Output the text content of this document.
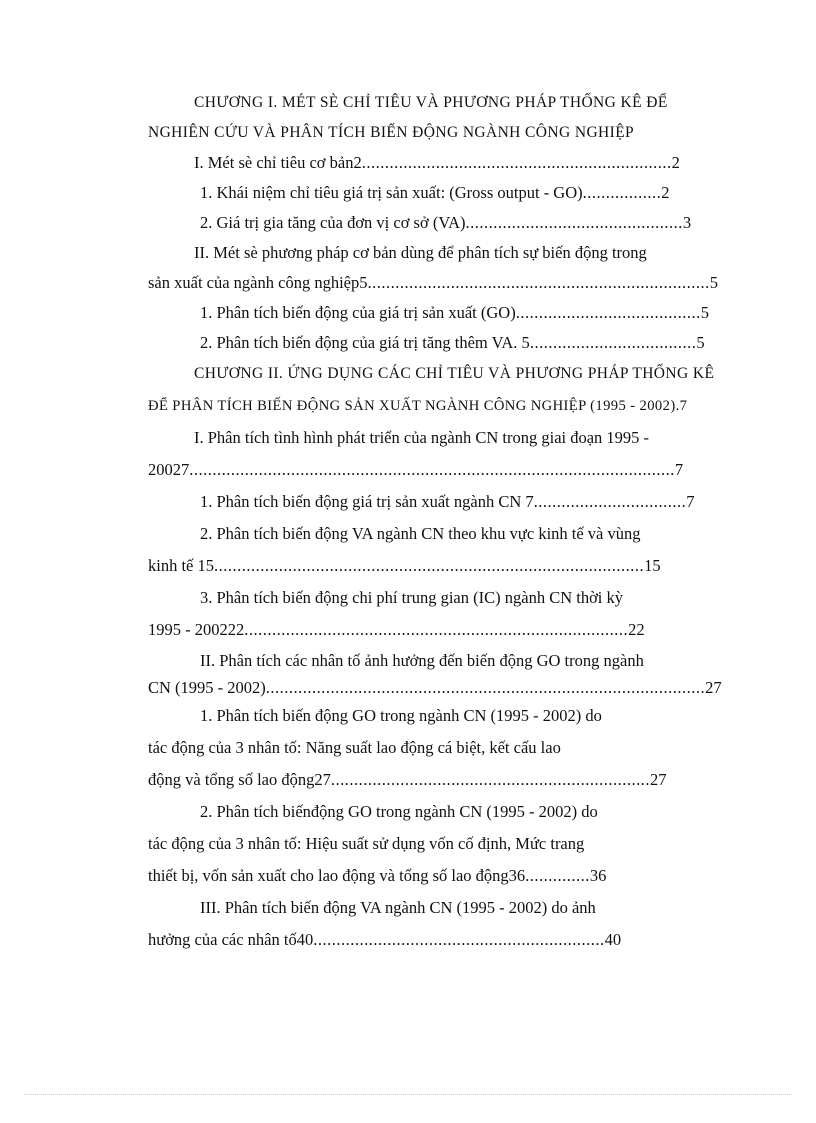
CHƯƠNG I. MÉT SÈ CHỈ TIÊU VÀ PHƯƠNG PHÁP THỐNG KÊ ĐỂ
NGHIÊN CỨU VÀ PHÂN TÍCH BIẾN ĐỘNG NGÀNH CÔNG NGHIỆP
I. Mét sè chỉ tiêu cơ bản2...................................................................2
1. Khái niệm chỉ tiêu giá trị sản xuất: (Gross output - GO).................2
2. Giá trị gia tăng của đơn vị cơ sở (VA)...............................................3
II. Mét sè phương pháp cơ bản dùng để phân tích sự biến động trong
sản xuất của ngành công nghiệp5..........................................................................5
1. Phân tích biến động của giá trị sản xuất (GO)........................................5
2. Phân tích biến động của giá trị tăng thêm VA. 5....................................5
CHƯƠNG II. ỨNG DỤNG CÁC CHỈ TIÊU VÀ PHƯƠNG PHÁP THỐNG KÊ
ĐỂ PHÂN TÍCH BIẾN ĐỘNG SẢN XUẤT NGÀNH CÔNG NGHIỆP (1995 - 2002).7
I. Phân tích tình hình phát triển của ngành CN trong giai đoạn 1995 -
20027.........................................................................................................7
1. Phân tích biến động giá trị sản xuất ngành CN 7.................................7
2. Phân tích biến động VA ngành CN theo khu vực kinh tế và vùng
kinh tế 15.............................................................................................15
3. Phân tích biến động chi phí trung gian (IC) ngành CN thời kỳ
1995 - 200222...................................................................................22
II. Phân tích các nhân tố ảnh hưởng đến biến động GO trong ngành
CN (1995 - 2002)...............................................................................................27
1. Phân tích biến động GO trong ngành CN (1995 - 2002) do
tác động của 3 nhân tố: Năng suất lao động cá biệt, kết cấu lao
động và tổng số lao động27.....................................................................27
2. Phân tích biếnđộng GO trong ngành CN (1995 - 2002) do
tác động của 3 nhân tố: Hiệu suất sử dụng vốn cố định, Mức trang
thiết bị, vốn sản xuất cho lao động và tổng số lao động36..............36
III. Phân tích biến động VA ngành CN (1995 - 2002) do ảnh
hưởng của các nhân tố40...............................................................40
